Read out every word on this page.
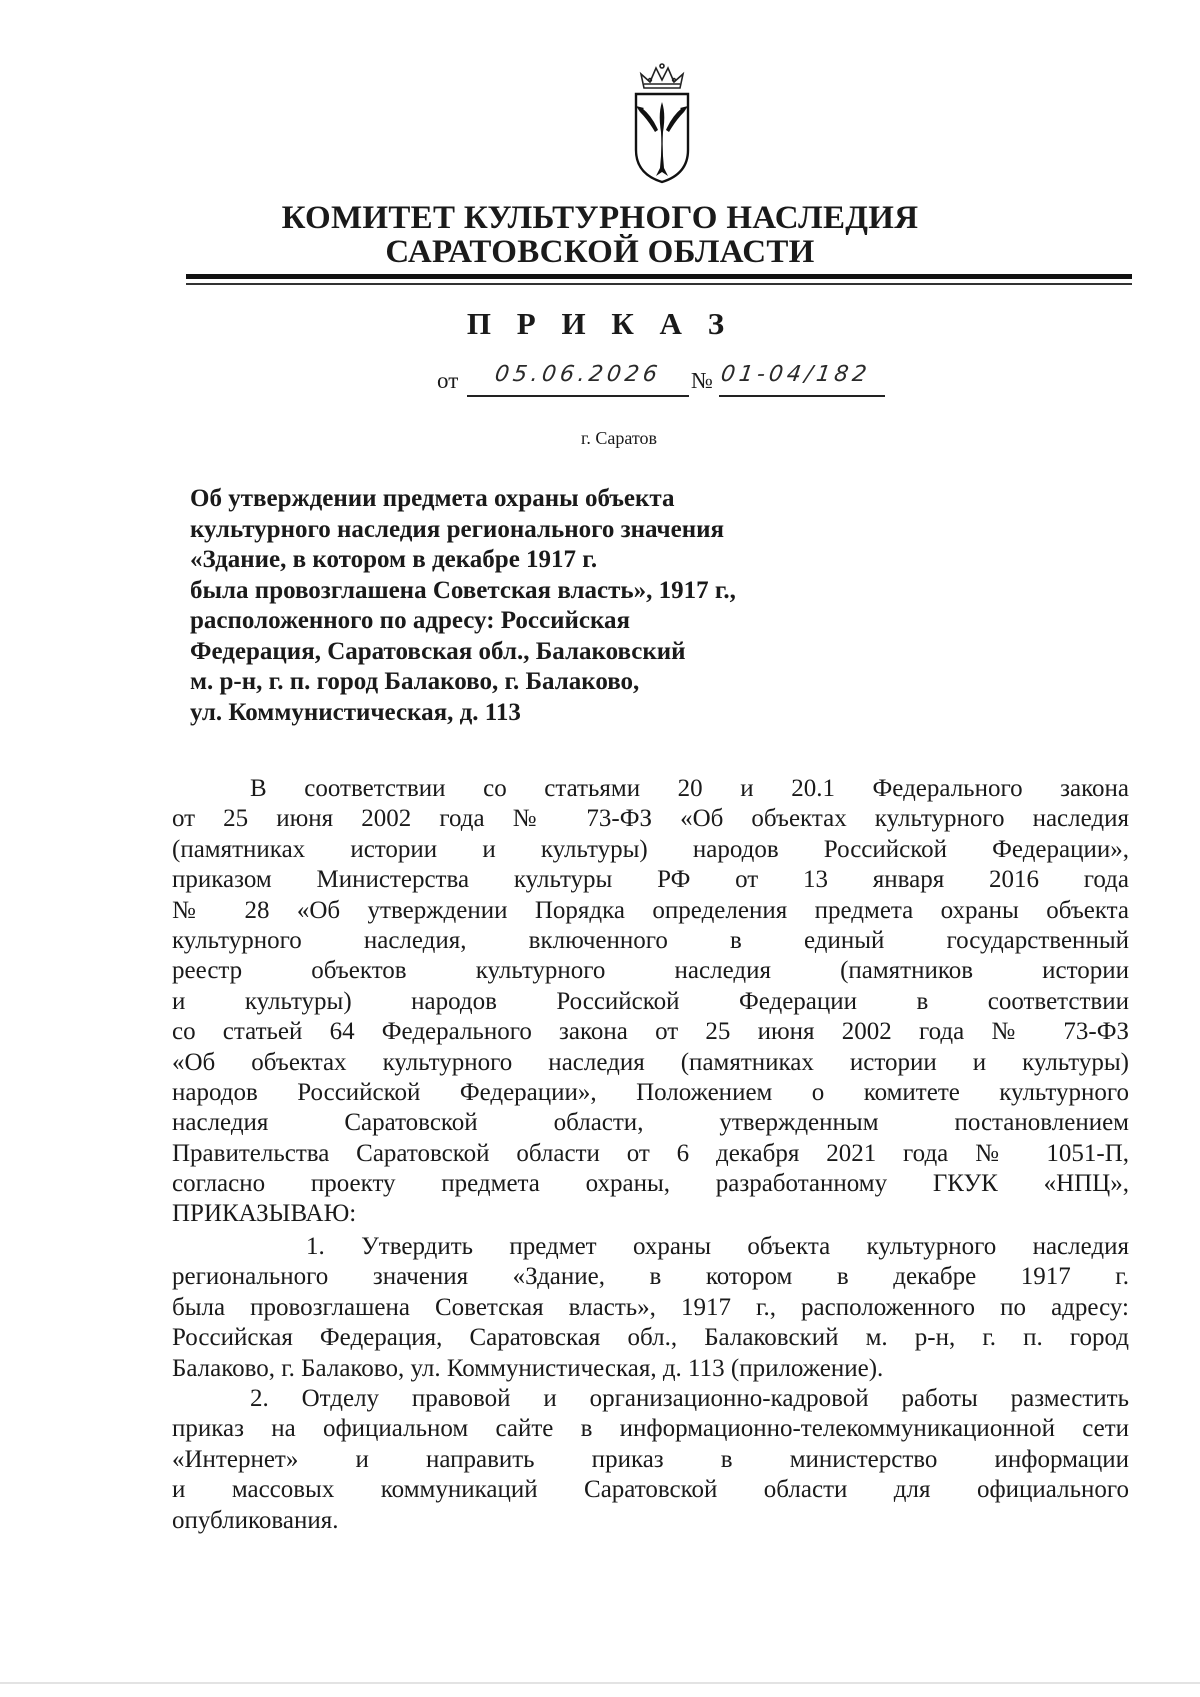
КОМИТЕТ КУЛЬТУРНОГО НАСЛЕДИЯ
САРАТОВСКОЙ ОБЛАСТИ
П Р И К А З
от 05.06.2026 № 01-04/182
г. Саратов
Об утверждении предмета охраны объекта
культурного наследия регионального значения
«Здание, в котором в декабре 1917 г.
была провозглашена Советская власть», 1917 г.,
расположенного по адресу: Российская
Федерация, Саратовская обл., Балаковский
м. р-н, г. п. город Балаково, г. Балаково,
ул. Коммунистическая, д. 113
В соответствии со статьями 20 и 20.1 Федерального закона
от 25 июня 2002 года № 73-ФЗ «Об объектах культурного наследия
(памятниках истории и культуры) народов Российской Федерации»,
приказом Министерства культуры РФ от 13 января 2016 года
№ 28 «Об утверждении Порядка определения предмета охраны объекта
культурного наследия, включенного в единый государственный
реестр объектов культурного наследия (памятников истории
и культуры) народов Российской Федерации в соответствии
со статьей 64 Федерального закона от 25 июня 2002 года № 73-ФЗ
«Об объектах культурного наследия (памятниках истории и культуры)
народов Российской Федерации», Положением о комитете культурного
наследия Саратовской области, утвержденным постановлением
Правительства Саратовской области от 6 декабря 2021 года № 1051-П,
согласно проекту предмета охраны, разработанному ГКУК «НПЦ»,
ПРИКАЗЫВАЮ:
1. Утвердить предмет охраны объекта культурного наследия
регионального значения «Здание, в котором в декабре 1917 г.
была провозглашена Советская власть», 1917 г., расположенного по адресу:
Российская Федерация, Саратовская обл., Балаковский м. р-н, г. п. город
Балаково, г. Балаково, ул. Коммунистическая, д. 113 (приложение).
2. Отделу правовой и организационно-кадровой работы разместить
приказ на официальном сайте в информационно-телекоммуникационной сети
«Интернет» и направить приказ в министерство информации
и массовых коммуникаций Саратовской области для официального
опубликования.
